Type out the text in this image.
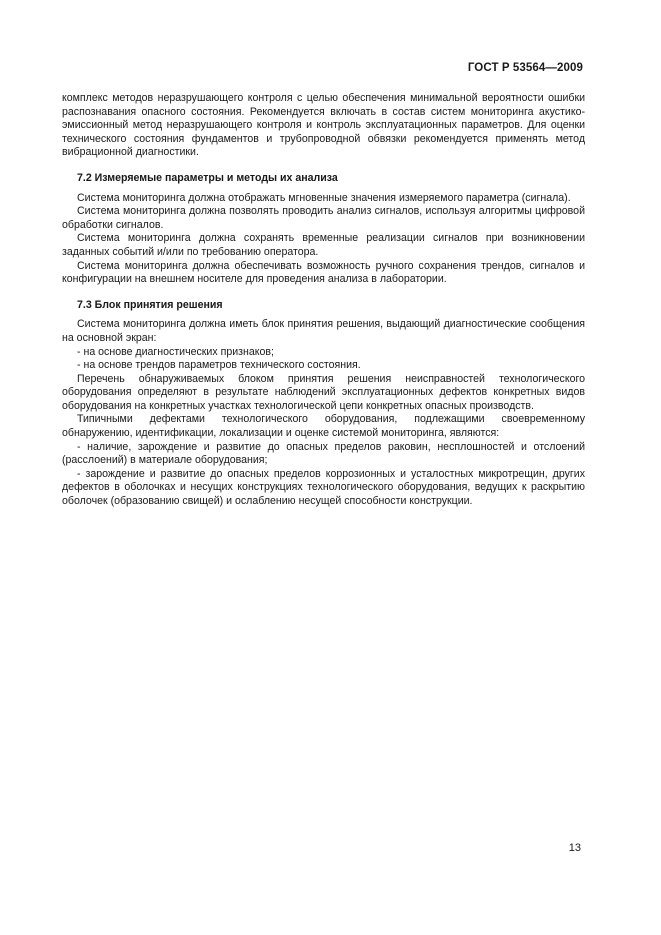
ГОСТ Р 53564—2009

комплекс методов неразрушающего контроля с целью обеспечения минимальной вероятности ошибки распознавания опасного состояния. Рекомендуется включать в состав систем мониторинга акустико-эмиссионный метод неразрушающего контроля и контроль эксплуатационных параметров. Для оценки технического состояния фундаментов и трубопроводной обвязки рекомендуется применять метод вибрационной диагностики.

7.2 Измеряемые параметры и методы их анализа

Система мониторинга должна отображать мгновенные значения измеряемого параметра (сигнала).

Система мониторинга должна позволять проводить анализ сигналов, используя алгоритмы цифровой обработки сигналов.

Система мониторинга должна сохранять временные реализации сигналов при возникновении заданных событий и/или по требованию оператора.

Система мониторинга должна обеспечивать возможность ручного сохранения трендов, сигналов и конфигурации на внешнем носителе для проведения анализа в лаборатории.

7.3 Блок принятия решения

Система мониторинга должна иметь блок принятия решения, выдающий диагностические сообщения на основной экран:

- на основе диагностических признаков;

- на основе трендов параметров технического состояния.

Перечень обнаруживаемых блоком принятия решения неисправностей технологического оборудования определяют в результате наблюдений эксплуатационных дефектов конкретных видов оборудования на конкретных участках технологической цепи конкретных опасных производств.

Типичными дефектами технологического оборудования, подлежащими своевременному обнаружению, идентификации, локализации и оценке системой мониторинга, являются:

- наличие, зарождение и развитие до опасных пределов раковин, несплошностей и отслоений (расслоений) в материале оборудования;

- зарождение и развитие до опасных пределов коррозионных и усталостных микротрещин, других дефектов в оболочках и несущих конструкциях технологического оборудования, ведущих к раскрытию оболочек (образованию свищей) и ослаблению несущей способности конструкции.

13
